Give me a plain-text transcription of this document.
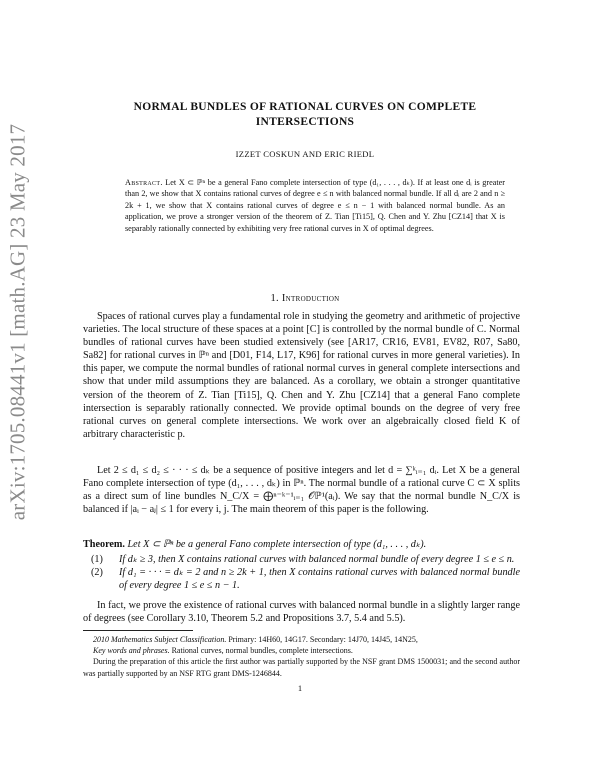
arXiv:1705.08441v1 [math.AG] 23 May 2017
NORMAL BUNDLES OF RATIONAL CURVES ON COMPLETE INTERSECTIONS
IZZET COSKUN AND ERIC RIEDL
Abstract. Let X ⊂ ℙⁿ be a general Fano complete intersection of type (d₁, . . . , dₖ). If at least one dᵢ is greater than 2, we show that X contains rational curves of degree e ≤ n with balanced normal bundle. If all dᵢ are 2 and n ≥ 2k + 1, we show that X contains rational curves of degree e ≤ n − 1 with balanced normal bundle. As an application, we prove a stronger version of the theorem of Z. Tian [Ti15], Q. Chen and Y. Zhu [CZ14] that X is separably rationally connected by exhibiting very free rational curves in X of optimal degrees.
1. Introduction
Spaces of rational curves play a fundamental role in studying the geometry and arithmetic of projective varieties. The local structure of these spaces at a point [C] is controlled by the normal bundle of C. Normal bundles of rational curves have been studied extensively (see [AR17, CR16, EV81, EV82, R07, Sa80, Sa82] for rational curves in ℙⁿ and [D01, F14, L17, K96] for rational curves in more general varieties). In this paper, we compute the normal bundles of rational normal curves in general complete intersections and show that under mild assumptions they are balanced. As a corollary, we obtain a stronger quantitative version of the theorem of Z. Tian [Ti15], Q. Chen and Y. Zhu [CZ14] that a general Fano complete intersection is separably rationally connected. We provide optimal bounds on the degree of very free rational curves on general complete intersections. We work over an algebraically closed field K of arbitrary characteristic p.
Let 2 ≤ d₁ ≤ d₂ ≤ · · · ≤ dₖ be a sequence of positive integers and let d = ∑ᵏᵢ₌₁ dᵢ. Let X be a general Fano complete intersection of type (d₁, . . . , dₖ) in ℙⁿ. The normal bundle of a rational curve C ⊂ X splits as a direct sum of line bundles N_C/X = ⨁ⁿ⁻ᵏ⁻¹ᵢ₌₁ 𝒪ℙ¹(aᵢ). We say that the normal bundle N_C/X is balanced if |aᵢ − aⱼ| ≤ 1 for every i, j. The main theorem of this paper is the following.
Theorem. Let X ⊂ ℙⁿ be a general Fano complete intersection of type (d₁, . . . , dₖ).
(1) If dₖ ≥ 3, then X contains rational curves with balanced normal bundle of every degree 1 ≤ e ≤ n.
(2) If d₁ = · · · = dₖ = 2 and n ≥ 2k + 1, then X contains rational curves with balanced normal bundle of every degree 1 ≤ e ≤ n − 1.
In fact, we prove the existence of rational curves with balanced normal bundle in a slightly larger range of degrees (see Corollary 3.10, Theorem 5.2 and Propositions 3.7, 5.4 and 5.5).

2010 Mathematics Subject Classification. Primary: 14H60, 14G17. Secondary: 14J70, 14J45, 14N25,

Key words and phrases. Rational curves, normal bundles, complete intersections.

During the preparation of this article the first author was partially supported by the NSF grant DMS 1500031; and the second author was partially supported by an NSF RTG grant DMS-1246844.

1
